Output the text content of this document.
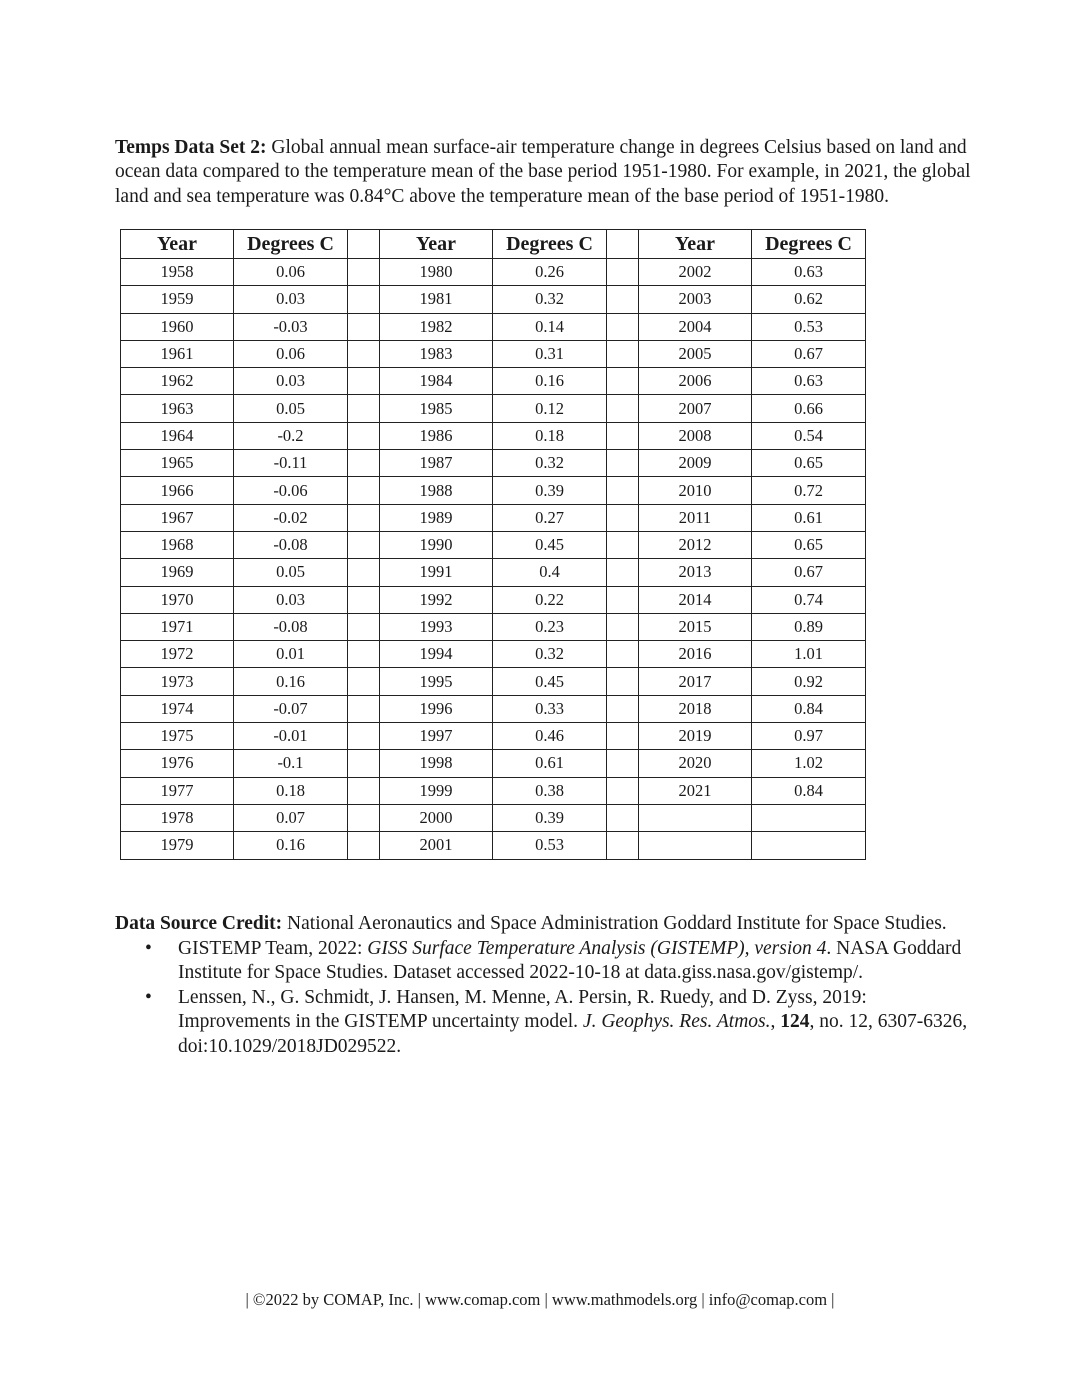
Temps Data Set 2: Global annual mean surface-air temperature change in degrees Celsius based on land and ocean data compared to the temperature mean of the base period 1951-1980. For example, in 2021, the global land and sea temperature was 0.84°C above the temperature mean of the base period of 1951-1980.

Year	Degrees C		Year	Degrees C		Year	Degrees C
1958	0.06		1980	0.26		2002	0.63
1959	0.03		1981	0.32		2003	0.62
1960	-0.03		1982	0.14		2004	0.53
1961	0.06		1983	0.31		2005	0.67
1962	0.03		1984	0.16		2006	0.63
1963	0.05		1985	0.12		2007	0.66
1964	-0.2		1986	0.18		2008	0.54
1965	-0.11		1987	0.32		2009	0.65
1966	-0.06		1988	0.39		2010	0.72
1967	-0.02		1989	0.27		2011	0.61
1968	-0.08		1990	0.45		2012	0.65
1969	0.05		1991	0.4		2013	0.67
1970	0.03		1992	0.22		2014	0.74
1971	-0.08		1993	0.23		2015	0.89
1972	0.01		1994	0.32		2016	1.01
1973	0.16		1995	0.45		2017	0.92
1974	-0.07		1996	0.33		2018	0.84
1975	-0.01		1997	0.46		2019	0.97
1976	-0.1		1998	0.61		2020	1.02
1977	0.18		1999	0.38		2021	0.84
1978	0.07		2000	0.39			
1979	0.16		2001	0.53			

Data Source Credit: National Aeronautics and Space Administration Goddard Institute for Space Studies.

• GISTEMP Team, 2022: GISS Surface Temperature Analysis (GISTEMP), version 4. NASA Goddard Institute for Space Studies. Dataset accessed 2022-10-18 at data.giss.nasa.gov/gistemp/.
• Lenssen, N., G. Schmidt, J. Hansen, M. Menne, A. Persin, R. Ruedy, and D. Zyss, 2019: Improvements in the GISTEMP uncertainty model. J. Geophys. Res. Atmos., 124, no. 12, 6307-6326, doi:10.1029/2018JD029522.
| ©2022 by COMAP, Inc. | www.comap.com | www.mathmodels.org | info@comap.com |
